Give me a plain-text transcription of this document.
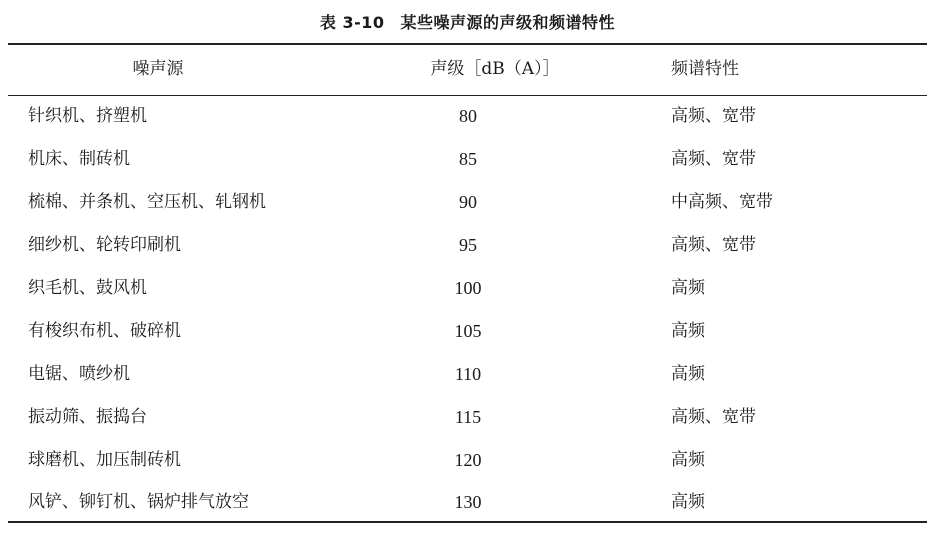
表 3-10 某些噪声源的声级和频谱特性
噪声源	声级［dB（A）］	频谱特性
针织机、挤塑机	80	高频、宽带
机床、制砖机	85	高频、宽带
梳棉、并条机、空压机、轧钢机	90	中高频、宽带
细纱机、轮转印刷机	95	高频、宽带
织毛机、鼓风机	100	高频
有梭织布机、破碎机	105	高频
电锯、喷纱机	110	高频
振动筛、振捣台	115	高频、宽带
球磨机、加压制砖机	120	高频
风铲、铆钉机、锅炉排气放空	130	高频
